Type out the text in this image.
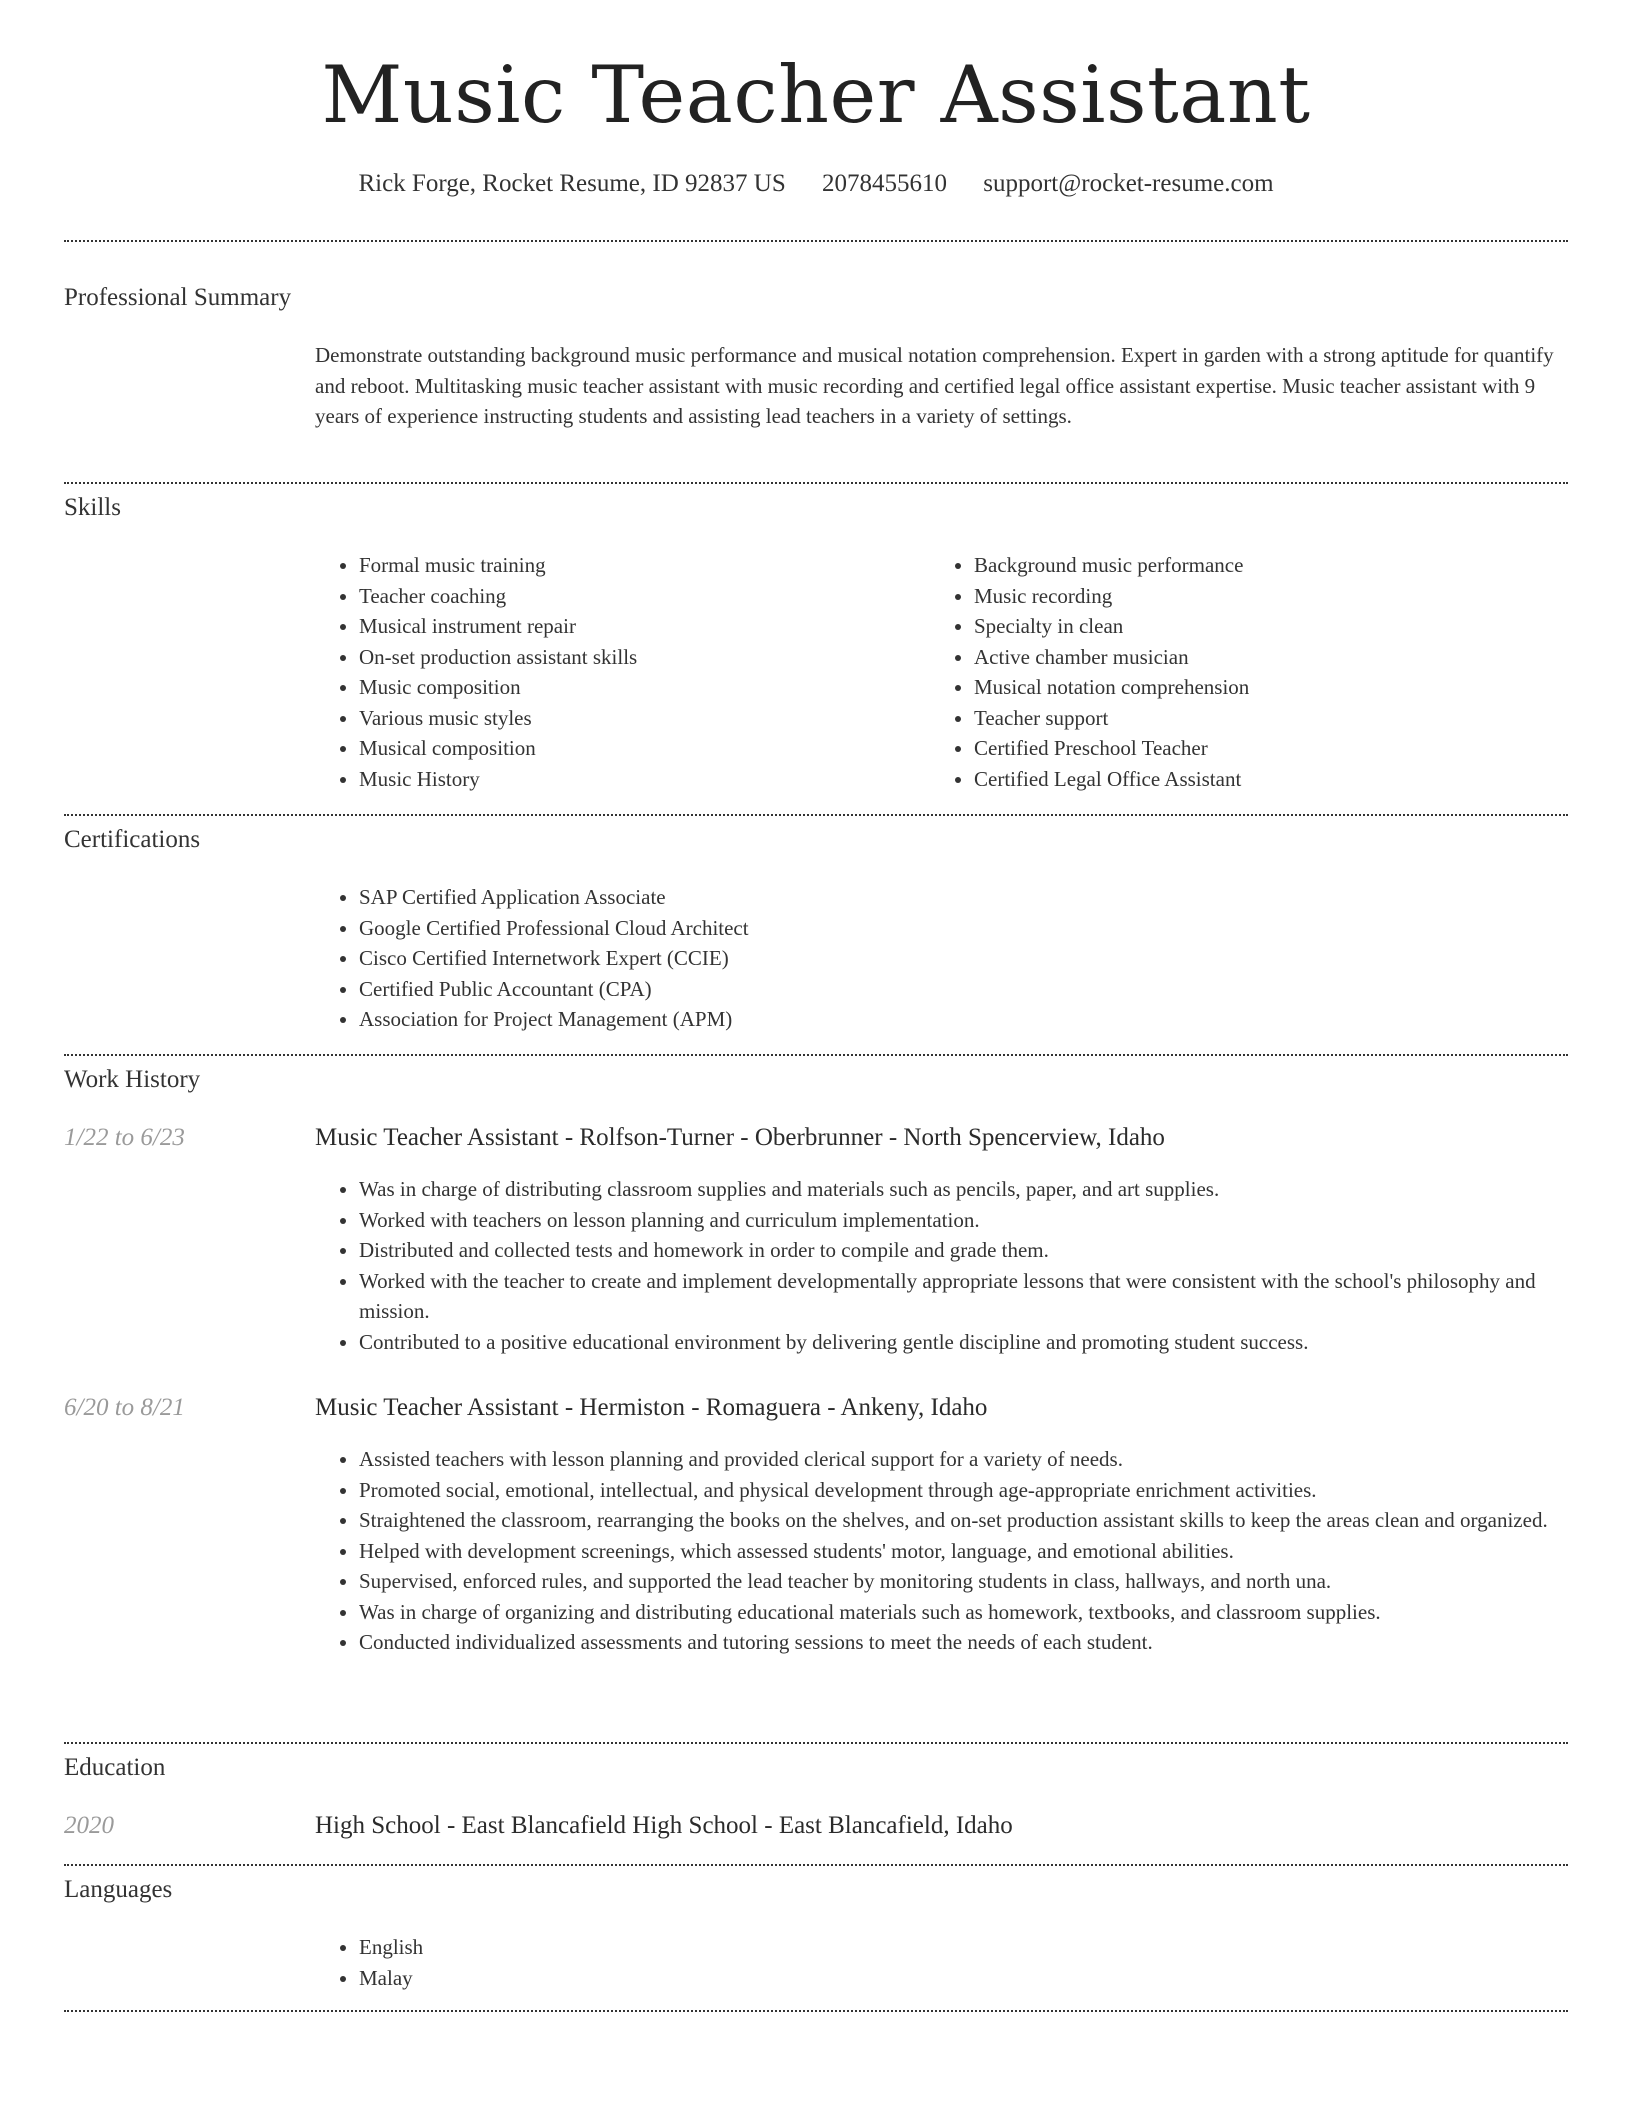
Music Teacher Assistant
Rick Forge, Rocket Resume, ID 92837 US 2078455610 support@rocket-resume.com
Professional Summary
Demonstrate outstanding background music performance and musical notation comprehension. Expert in garden with a strong aptitude for quantify and reboot. Multitasking music teacher assistant with music recording and certified legal office assistant expertise. Music teacher assistant with 9 years of experience instructing students and assisting lead teachers in a variety of settings.
Skills
• Formal music training
• Teacher coaching
• Musical instrument repair
• On-set production assistant skills
• Music composition
• Various music styles
• Musical composition
• Music History
• Background music performance
• Music recording
• Specialty in clean
• Active chamber musician
• Musical notation comprehension
• Teacher support
• Certified Preschool Teacher
• Certified Legal Office Assistant
Certifications
• SAP Certified Application Associate
• Google Certified Professional Cloud Architect
• Cisco Certified Internetwork Expert (CCIE)
• Certified Public Accountant (CPA)
• Association for Project Management (APM)
Work History
1/22 to 6/23	Music Teacher Assistant - Rolfson-Turner - Oberbrunner - North Spencerview, Idaho
• Was in charge of distributing classroom supplies and materials such as pencils, paper, and art supplies.
• Worked with teachers on lesson planning and curriculum implementation.
• Distributed and collected tests and homework in order to compile and grade them.
• Worked with the teacher to create and implement developmentally appropriate lessons that were consistent with the school's philosophy and mission.
• Contributed to a positive educational environment by delivering gentle discipline and promoting student success.
6/20 to 8/21	Music Teacher Assistant - Hermiston - Romaguera - Ankeny, Idaho
• Assisted teachers with lesson planning and provided clerical support for a variety of needs.
• Promoted social, emotional, intellectual, and physical development through age-appropriate enrichment activities.
• Straightened the classroom, rearranging the books on the shelves, and on-set production assistant skills to keep the areas clean and organized.
• Helped with development screenings, which assessed students' motor, language, and emotional abilities.
• Supervised, enforced rules, and supported the lead teacher by monitoring students in class, hallways, and north una.
• Was in charge of organizing and distributing educational materials such as homework, textbooks, and classroom supplies.
• Conducted individualized assessments and tutoring sessions to meet the needs of each student.
Education
2020	High School - East Blancafield High School - East Blancafield, Idaho
Languages
• English
• Malay
